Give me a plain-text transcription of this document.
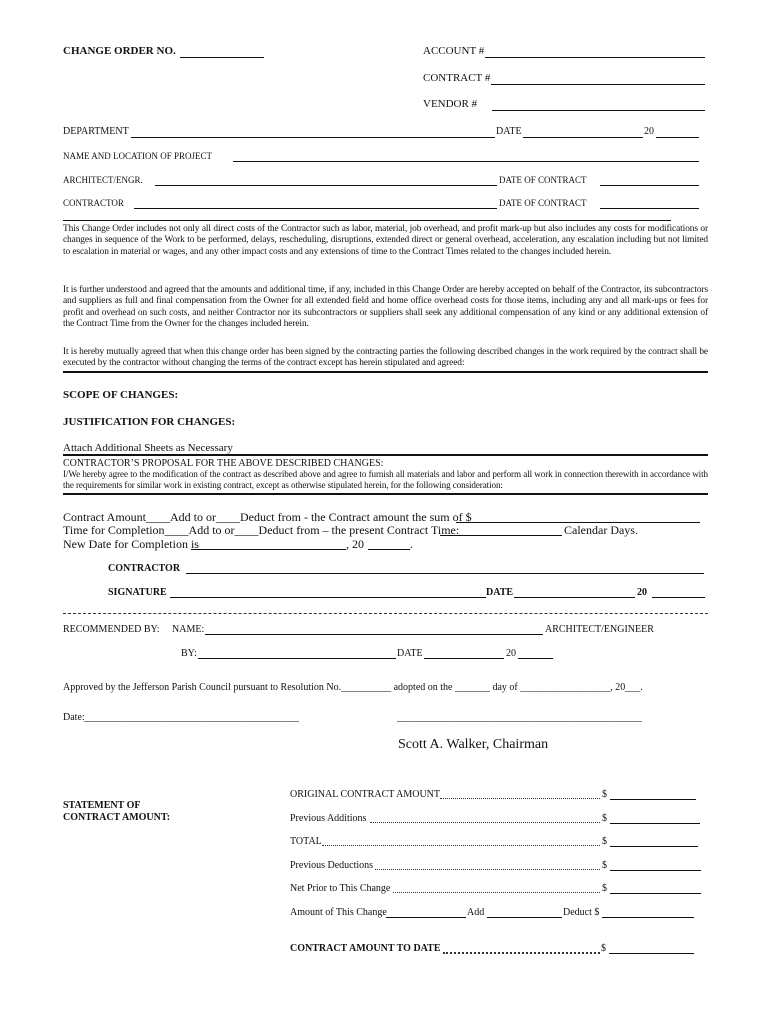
CHANGE ORDER NO.	ACCOUNT #
CONTRACT #
VENDOR #
DEPARTMENT	DATE	20
NAME AND LOCATION OF PROJECT
ARCHITECT/ENGR.	DATE OF CONTRACT
CONTRACTOR	DATE OF CONTRACT
This Change Order includes not only all direct costs of the Contractor such as labor, material, job overhead, and profit mark-up but also includes any costs for modifications or changes in sequence of the Work to be performed, delays, rescheduling, disruptions, extended direct or general overhead, acceleration, any escalation including but not limited to escalation in material or wages, and any other impact costs and any extensions of time to the Contract Times related to the changes included herein.
It is further understood and agreed that the amounts and additional time, if any, included in this Change Order are hereby accepted on behalf of the Contractor, its subcontractors and suppliers as full and final compensation from the Owner for all extended field and home office overhead costs for those items, including any and all mark-ups or fees for profit and overhead on such costs, and neither Contractor nor its subcontractors or suppliers shall seek any additional compensation of any kind or any additional extension of the Contract Time from the Owner for the changes included herein.
It is hereby mutually agreed that when this change order has been signed by the contracting parties the following described changes in the work required by the contract shall be executed by the contractor without changing the terms of the contract except has herein stipulated and agreed:
SCOPE OF CHANGES:
JUSTIFICATION FOR CHANGES:
Attach Additional Sheets as Necessary
CONTRACTOR’S PROPOSAL FOR THE ABOVE DESCRIBED CHANGES:
I/We hereby agree to the modification of the contract as described above and agree to furnish all materials and labor and perform all work in connection therewith in accordance with the requirements for similar work in existing contract, except as otherwise stipulated herein, for the following consideration:
Contract Amount____Add to or____Deduct from - the Contract amount the sum of $
Time for Completion____Add to or____Deduct from – the present Contract Time:	Calendar Days.
New Date for Completion is	, 20	.
CONTRACTOR
SIGNATURE	DATE	20
RECOMMENDED BY: NAME:	ARCHITECT/ENGINEER
BY:	DATE	20
Approved by the Jefferson Parish Council pursuant to Resolution No.__________ adopted on the _______ day of __________________, 20___.
Date: ___________________________________________	_________________________________________________
Scott A. Walker, Chairman
STATEMENT OF
CONTRACT AMOUNT:
ORIGINAL CONTRACT AMOUNT	$
Previous Additions	$
TOTAL	$
Previous Deductions	$
Net Prior to This Change	$
Amount of This Change	Add	Deduct $
CONTRACT AMOUNT TO DATE	$
